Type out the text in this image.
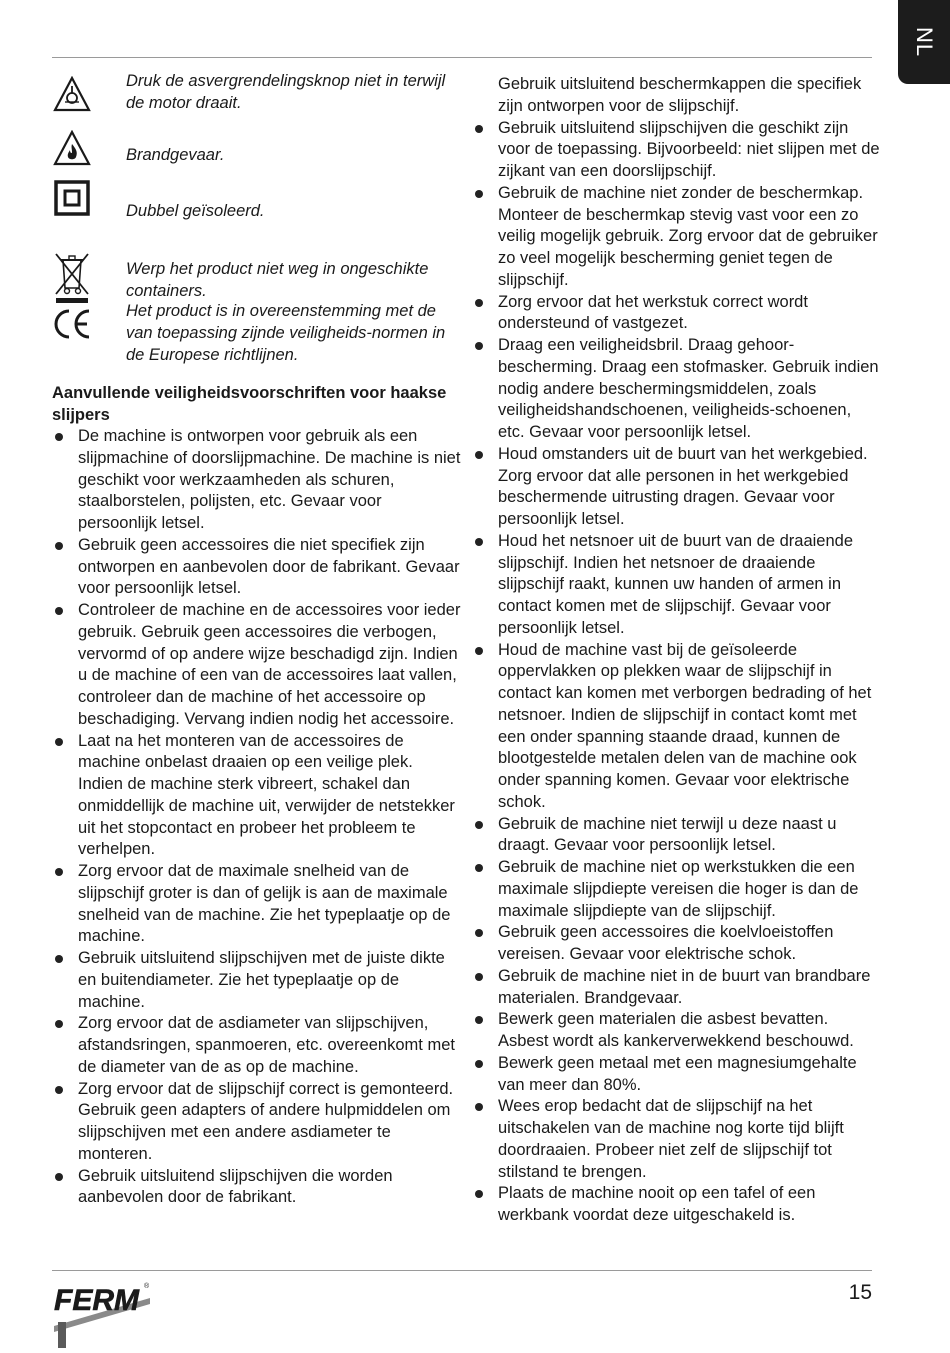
NL
Druk de asvergrendelingsknop niet in terwijl de motor draait.
Brandgevaar.
Dubbel geïsoleerd.
Werp het product niet weg in ongeschikte containers.
Het product is in overeenstemming met de van toepassing zijnde veiligheids-normen in de Europese richtlijnen.
Aanvullende veiligheidsvoorschriften voor haakse slijpers
De machine is ontworpen voor gebruik als een slijpmachine of doorslijpmachine. De machine is niet geschikt voor werkzaamheden als schuren, staalborstelen, polijsten, etc. Gevaar voor persoonlijk letsel.
Gebruik geen accessoires die niet specifiek zijn ontworpen en aanbevolen door de fabrikant. Gevaar voor persoonlijk letsel.
Controleer de machine en de accessoires voor ieder gebruik. Gebruik geen accessoires die verbogen, vervormd of op andere wijze beschadigd zijn. Indien u de machine of een van de accessoires laat vallen, controleer dan de machine of het accessoire op beschadiging. Vervang indien nodig het accessoire.
Laat na het monteren van de accessoires de machine onbelast draaien op een veilige plek. Indien de machine sterk vibreert, schakel dan onmiddellijk de machine uit, verwijder de netstekker uit het stopcontact en probeer het probleem te verhelpen.
Zorg ervoor dat de maximale snelheid van de slijpschijf groter is dan of gelijk is aan de maximale snelheid van de machine. Zie het typeplaatje op de machine.
Gebruik uitsluitend slijpschijven met de juiste dikte en buitendiameter. Zie het typeplaatje op de machine.
Zorg ervoor dat de asdiameter van slijpschijven, afstandsringen, spanmoeren, etc. overeenkomt met de diameter van de as op de machine.
Zorg ervoor dat de slijpschijf correct is gemonteerd. Gebruik geen adapters of andere hulpmiddelen om slijpschijven met een andere asdiameter te monteren.
Gebruik uitsluitend slijpschijven die worden aanbevolen door de fabrikant.
Gebruik uitsluitend beschermkappen die specifiek zijn ontworpen voor de slijpschijf.
Gebruik uitsluitend slijpschijven die geschikt zijn voor de toepassing. Bijvoorbeeld: niet slijpen met de zijkant van een doorslijpschijf.
Gebruik de machine niet zonder de beschermkap. Monteer de beschermkap stevig vast voor een zo veilig mogelijk gebruik. Zorg ervoor dat de gebruiker zo veel mogelijk bescherming geniet tegen de slijpschijf.
Zorg ervoor dat het werkstuk correct wordt ondersteund of vastgezet.
Draag een veiligheidsbril. Draag gehoor-bescherming. Draag een stofmasker. Gebruik indien nodig andere beschermingsmiddelen, zoals veiligheidshandschoenen, veiligheids-schoenen, etc. Gevaar voor persoonlijk letsel.
Houd omstanders uit de buurt van het werkgebied. Zorg ervoor dat alle personen in het werkgebied beschermende uitrusting dragen. Gevaar voor persoonlijk letsel.
Houd het netsnoer uit de buurt van de draaiende slijpschijf. Indien het netsnoer de draaiende slijpschijf raakt, kunnen uw handen of armen in contact komen met de slijpschijf. Gevaar voor persoonlijk letsel.
Houd de machine vast bij de geïsoleerde oppervlakken op plekken waar de slijpschijf in contact kan komen met verborgen bedrading of het netsnoer. Indien de slijpschijf in contact komt met een onder spanning staande draad, kunnen de blootgestelde metalen delen van de machine ook onder spanning komen. Gevaar voor elektrische schok.
Gebruik de machine niet terwijl u deze naast u draagt. Gevaar voor persoonlijk letsel.
Gebruik de machine niet op werkstukken die een maximale slijpdiepte vereisen die hoger is dan de maximale slijpdiepte van de slijpschijf.
Gebruik geen accessoires die koelvloeistoffen vereisen. Gevaar voor elektrische schok.
Gebruik de machine niet in de buurt van brandbare materialen. Brandgevaar.
Bewerk geen materialen die asbest bevatten. Asbest wordt als kankerverwekkend beschouwd.
Bewerk geen metaal met een magnesiumgehalte van meer dan 80%.
Wees erop bedacht dat de slijpschijf na het uitschakelen van de machine nog korte tijd blijft doordraaien. Probeer niet zelf de slijpschijf tot stilstand te brengen.
Plaats de machine nooit op een tafel of een werkbank voordat deze uitgeschakeld is.
FERM ®	15
